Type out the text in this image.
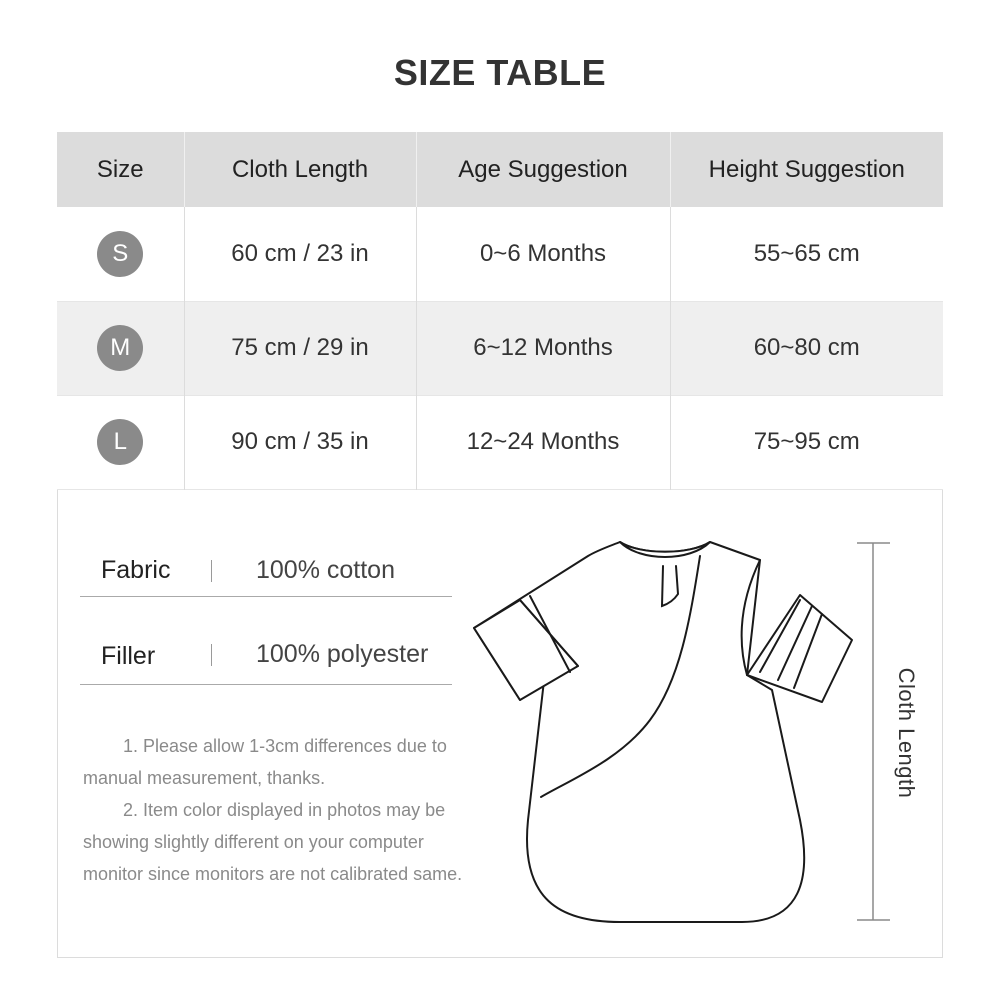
SIZE TABLE
Size	Cloth Length	Age Suggestion	Height Suggestion
S	60 cm / 23 in	0~6 Months	55~65 cm
M	75 cm / 29 in	6~12 Months	60~80 cm
L	90 cm / 35 in	12~24 Months	75~95 cm
Fabric	100% cotton
Filler	100% polyester

1. Please allow 1-3cm differences due to manual measurement, thanks.

2. Item color displayed in photos may be showing slightly different on your computer monitor since monitors are not calibrated same.

Cloth Length
